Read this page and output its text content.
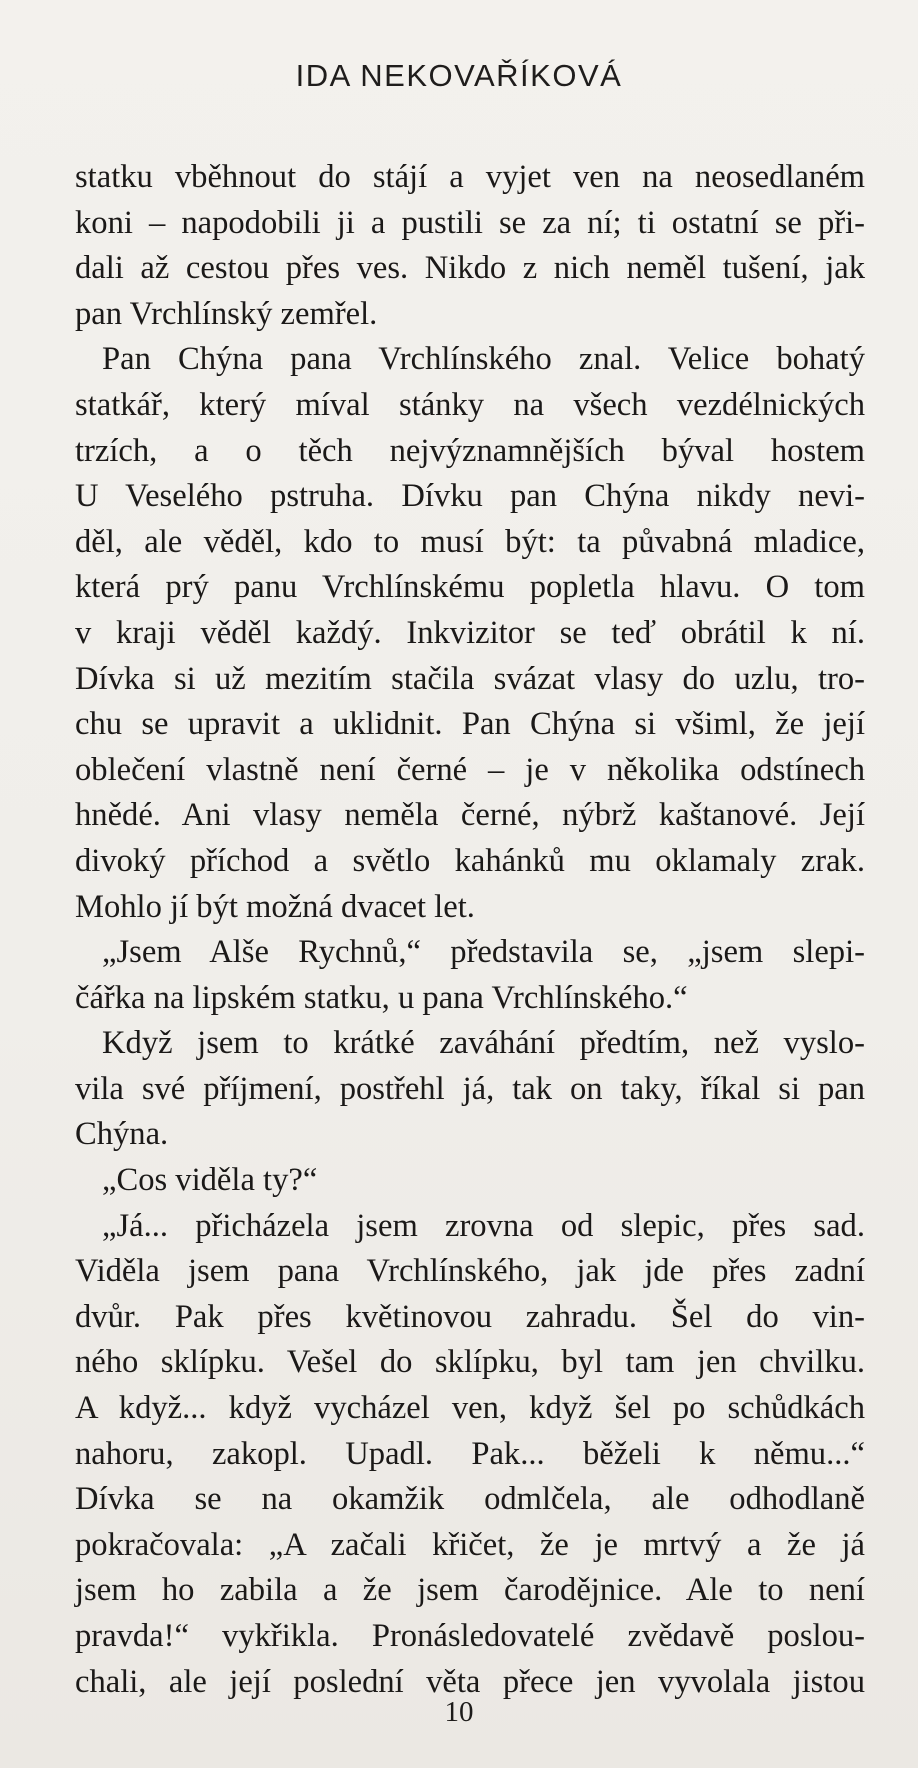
IDA NEKOVAŘÍKOVÁ
statku vběhnout do stájí a vyjet ven na neosedlaném
koni – napodobili ji a pustili se za ní; ti ostatní se při-
dali až cestou přes ves. Nikdo z nich neměl tušení, jak
pan Vrchlínský zemřel.
Pan Chýna pana Vrchlínského znal. Velice bohatý
statkář, který míval stánky na všech vezdélnických
trzích, a o těch nejvýznamnějších býval hostem
U Veselého pstruha. Dívku pan Chýna nikdy nevi-
děl, ale věděl, kdo to musí být: ta půvabná mladice,
která prý panu Vrchlínskému popletla hlavu. O tom
v kraji věděl každý. Inkvizitor se teď obrátil k ní.
Dívka si už mezitím stačila svázat vlasy do uzlu, tro-
chu se upravit a uklidnit. Pan Chýna si všiml, že její
oblečení vlastně není černé – je v několika odstínech
hnědé. Ani vlasy neměla černé, nýbrž kaštanové. Její
divoký příchod a světlo kahánků mu oklamaly zrak.
Mohlo jí být možná dvacet let.
„Jsem Alše Rychnů,“ představila se, „jsem slepi-
čářka na lipském statku, u pana Vrchlínského.“
Když jsem to krátké zaváhání předtím, než vyslo-
vila své příjmení, postřehl já, tak on taky, říkal si pan
Chýna.
„Cos viděla ty?“
„Já... přicházela jsem zrovna od slepic, přes sad.
Viděla jsem pana Vrchlínského, jak jde přes zadní
dvůr. Pak přes květinovou zahradu. Šel do vin-
ného sklípku. Vešel do sklípku, byl tam jen chvilku.
A když... když vycházel ven, když šel po schůdkách
nahoru, zakopl. Upadl. Pak... běželi k němu...“
Dívka se na okamžik odmlčela, ale odhodlaně
pokračovala: „A začali křičet, že je mrtvý a že já
jsem ho zabila a že jsem čarodějnice. Ale to není
pravda!“ vykřikla. Pronásledovatelé zvědavě poslou-
chali, ale její poslední věta přece jen vyvolala jistou
10
